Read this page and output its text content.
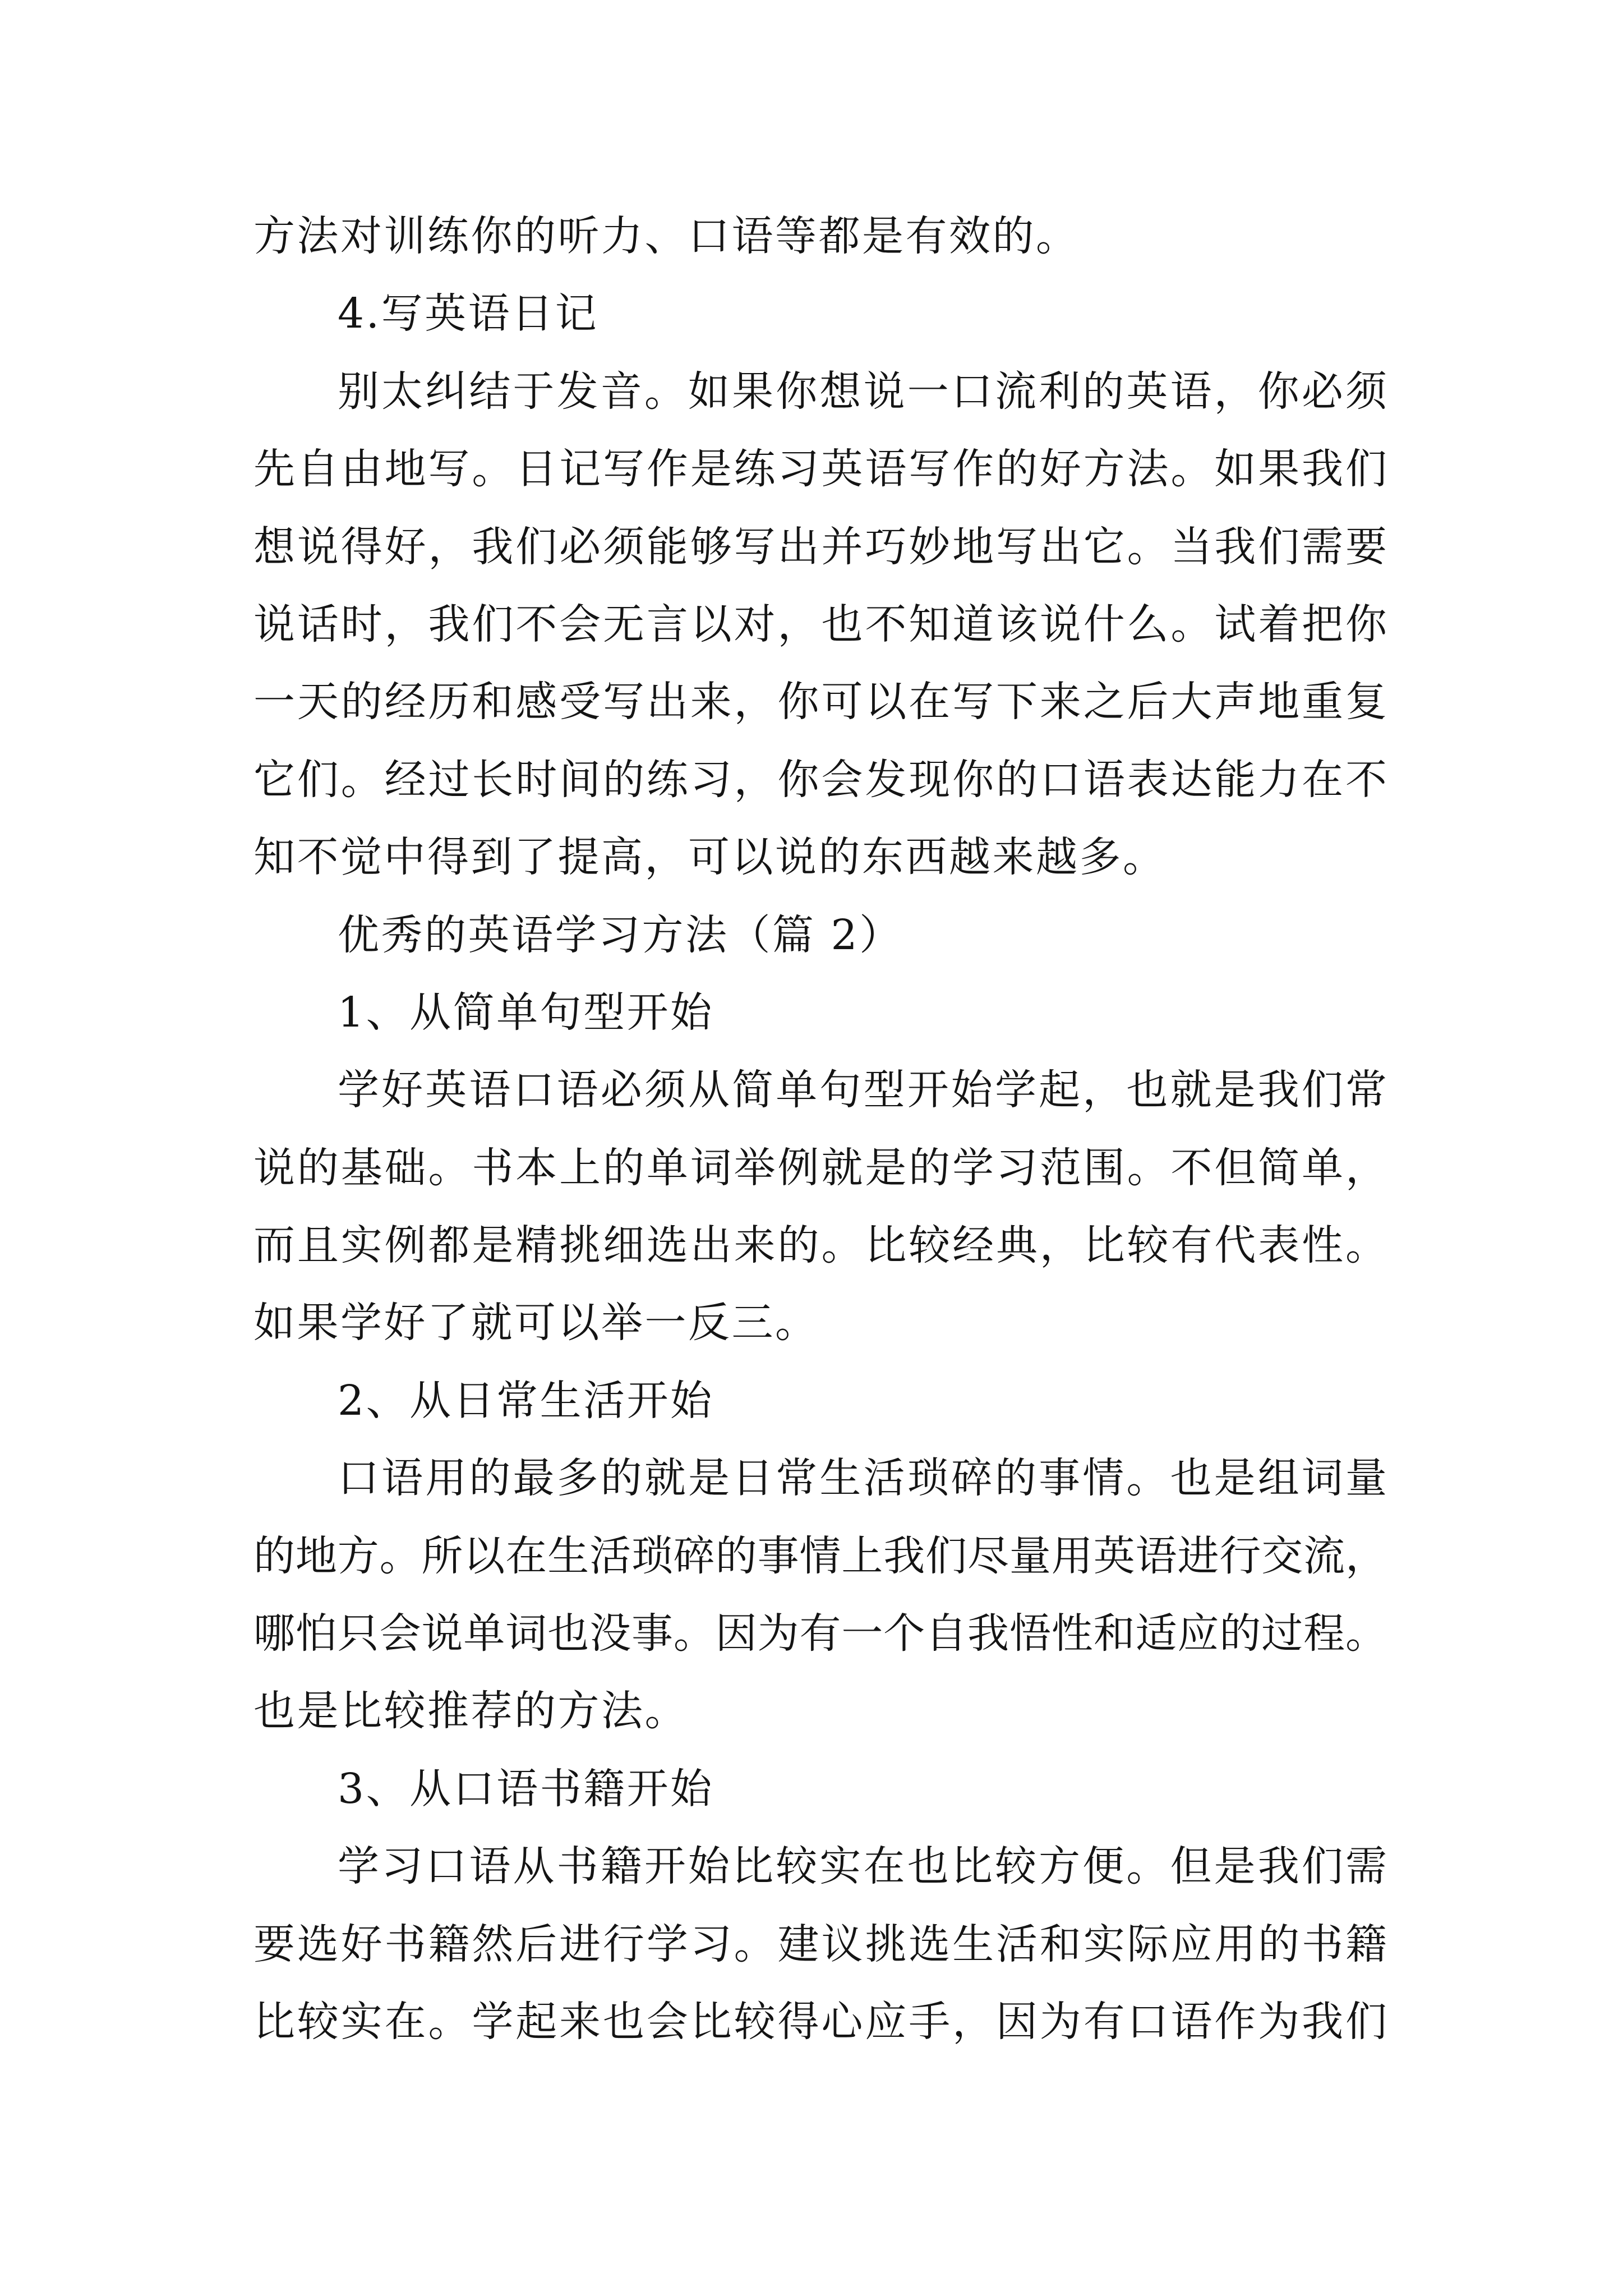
方法对训练你的听力、口语等都是有效的。
4.写英语日记
别太纠结于发音。如果你想说一口流利的英语，你必须
先自由地写。日记写作是练习英语写作的好方法。如果我们
想说得好，我们必须能够写出并巧妙地写出它。当我们需要
说话时，我们不会无言以对，也不知道该说什么。试着把你
一天的经历和感受写出来，你可以在写下来之后大声地重复
它们。经过长时间的练习，你会发现你的口语表达能力在不
知不觉中得到了提高，可以说的东西越来越多。
优秀的英语学习方法（篇 2）
1、从简单句型开始
学好英语口语必须从简单句型开始学起，也就是我们常
说的基础。书本上的单词举例就是的学习范围。不但简单，
而且实例都是精挑细选出来的。比较经典，比较有代表性。
如果学好了就可以举一反三。
2、从日常生活开始
口语用的最多的就是日常生活琐碎的事情。也是组词量
的地方。所以在生活琐碎的事情上我们尽量用英语进行交流，
哪怕只会说单词也没事。因为有一个自我悟性和适应的过程。
也是比较推荐的方法。
3、从口语书籍开始
学习口语从书籍开始比较实在也比较方便。但是我们需
要选好书籍然后进行学习。建议挑选生活和实际应用的书籍
比较实在。学起来也会比较得心应手，因为有口语作为我们
